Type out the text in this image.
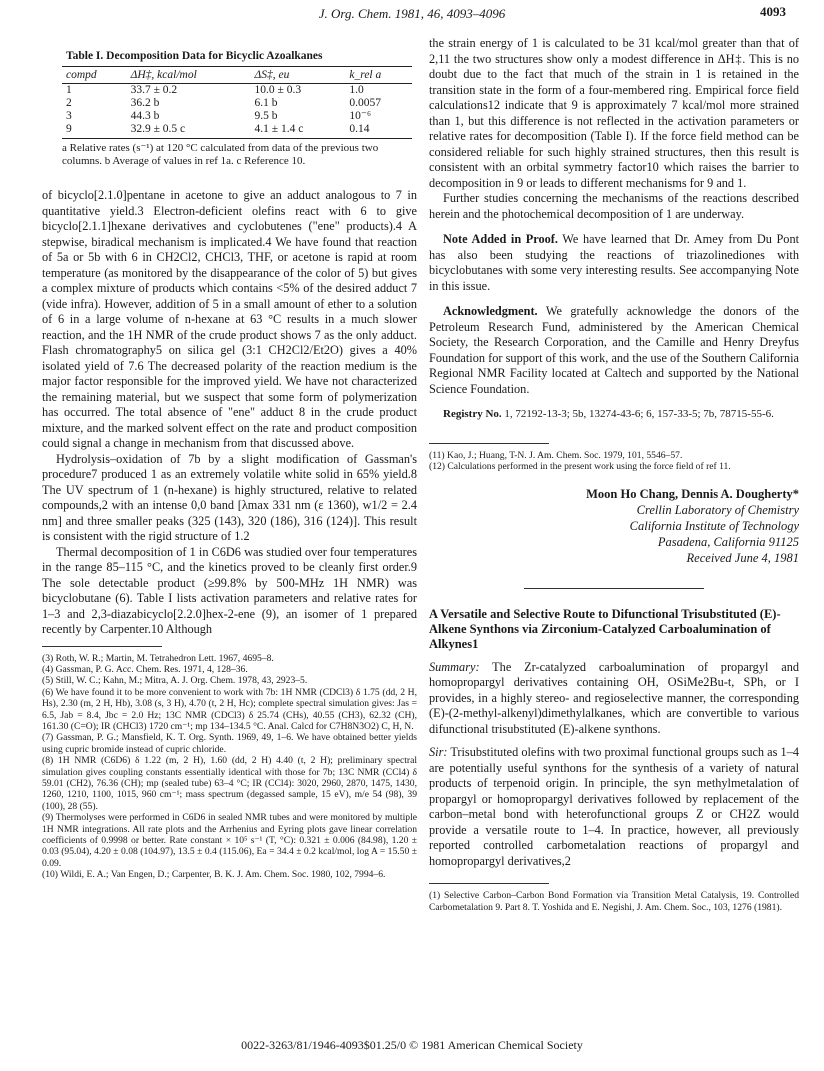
J. Org. Chem. 1981, 46, 4093–4096	4093
Table I. Decomposition Data for Bicyclic Azoalkanes
compd	ΔH‡, kcal/mol	ΔS‡, eu	k_rel a
1	33.7 ± 0.2	10.0 ± 0.3	1.0
2	36.2 b	6.1 b	0.0057
3	44.3 b	9.5 b	10⁻⁶
9	32.9 ± 0.5 c	4.1 ± 1.4 c	0.14
a Relative rates (s⁻¹) at 120 °C calculated from data of the previous two columns. b Average of values in ref 1a. c Reference 10.

of bicyclo[2.1.0]pentane in acetone to give an adduct analogous to 7 in quantitative yield.3 Electron-deficient olefins react with 6 to give bicyclo[2.1.1]hexane derivatives and cyclobutenes ("ene" products).4 A stepwise, biradical mechanism is implicated.4 We have found that reaction of 5a or 5b with 6 in CH2Cl2, CHCl3, THF, or acetone is rapid at room temperature (as monitored by the disappearance of the color of 5) but gives a complex mixture of products which contains <5% of the desired adduct 7 (vide infra). However, addition of 5 in a small amount of ether to a solution of 6 in a large volume of n-hexane at 63 °C results in a much slower reaction, and the 1H NMR of the crude product shows 7 as the only adduct. Flash chromatography5 on silica gel (3:1 CH2Cl2/Et2O) gives a 40% isolated yield of 7.6 The decreased polarity of the reaction medium is the major factor responsible for the improved yield. We have not characterized the remaining material, but we suspect that some form of polymerization has occurred. The total absence of "ene" adduct 8 in the crude product mixture, and the marked solvent effect on the rate and product composition could signal a change in mechanism from that discussed above.

Hydrolysis–oxidation of 7b by a slight modification of Gassman's procedure7 produced 1 as an extremely volatile white solid in 65% yield.8 The UV spectrum of 1 (n-hexane) is highly structured, relative to related compounds,2 with an intense 0,0 band [λmax 331 nm (ε 1360), w1/2 = 2.4 nm] and three smaller peaks (325 (143), 320 (186), 316 (124)]. This result is consistent with the rigid structure of 1.2

Thermal decomposition of 1 in C6D6 was studied over four temperatures in the range 85–115 °C, and the kinetics proved to be cleanly first order.9 The sole detectable product (≥99.8% by 500-MHz 1H NMR) was bicyclobutane (6). Table I lists activation parameters and relative rates for 1–3 and 2,3-diazabicyclo[2.2.0]hex-2-ene (9), an isomer of 1 prepared recently by Carpenter.10 Although

(3) Roth, W. R.; Martin, M. Tetrahedron Lett. 1967, 4695–8.

(4) Gassman, P. G. Acc. Chem. Res. 1971, 4, 128–36.

(5) Still, W. C.; Kahn, M.; Mitra, A. J. Org. Chem. 1978, 43, 2923–5.

(6) We have found it to be more convenient to work with 7b: 1H NMR (CDCl3) δ 1.75 (dd, 2 H, Hs), 2.30 (m, 2 H, Hb), 3.08 (s, 3 H), 4.70 (t, 2 H, Hc); complete spectral simulation gives: Jas = 6.5, Jab = 8.4, Jbc = 2.0 Hz; 13C NMR (CDCl3) δ 25.74 (CHs), 40.55 (CH3), 62.32 (CH), 161.30 (C=O); IR (CHCl3) 1720 cm⁻¹; mp 134–134.5 °C. Anal. Calcd for C7H8N3O2) C, H, N.

(7) Gassman, P. G.; Mansfield, K. T. Org. Synth. 1969, 49, 1–6. We have obtained better yields using cupric bromide instead of cupric chloride.

(8) 1H NMR (C6D6) δ 1.22 (m, 2 H), 1.60 (dd, 2 H) 4.40 (t, 2 H); preliminary spectral simulation gives coupling constants essentially identical with those for 7b; 13C NMR (CCl4) δ 59.01 (CH2), 76.36 (CH); mp (sealed tube) 63–4 °C; IR (CCl4): 3020, 2960, 2870, 1475, 1430, 1260, 1210, 1100, 1015, 960 cm⁻¹; mass spectrum (degassed sample, 15 eV), m/e 54 (98), 39 (100), 28 (55).

(9) Thermolyses were performed in C6D6 in sealed NMR tubes and were monitored by multiple 1H NMR integrations. All rate plots and the Arrhenius and Eyring plots gave linear correlation coefficients of 0.9998 or better. Rate constant × 10⁵ s⁻¹ (T, °C): 0.321 ± 0.006 (84.98), 1.20 ± 0.03 (95.04), 4.20 ± 0.08 (104.97), 13.5 ± 0.4 (115.06), Ea = 34.4 ± 0.2 kcal/mol, log A = 15.50 ± 0.09.

(10) Wildi, E. A.; Van Engen, D.; Carpenter, B. K. J. Am. Chem. Soc. 1980, 102, 7994–6.

the strain energy of 1 is calculated to be 31 kcal/mol greater than that of 2,11 the two structures show only a modest difference in ΔH‡. This is no doubt due to the fact that much of the strain in 1 is retained in the transition state in the form of a four-membered ring. Empirical force field calculations12 indicate that 9 is approximately 7 kcal/mol more strained than 1, but this difference is not reflected in the activation parameters or relative rates for decomposition (Table I). If the force field method can be considered reliable for such highly strained structures, then this result is consistent with an orbital symmetry factor10 which raises the barrier to decomposition in 9 or leads to different mechanisms for 9 and 1.

Further studies concerning the mechanisms of the reactions described herein and the photochemical decomposition of 1 are underway.

Note Added in Proof. We have learned that Dr. Amey from Du Pont has also been studying the reactions of triazolinediones with bicyclobutanes with some very interesting results. See accompanying Note in this issue.

Acknowledgment. We gratefully acknowledge the donors of the Petroleum Research Fund, administered by the American Chemical Society, the Research Corporation, and the Camille and Henry Dreyfus Foundation for support of this work, and the use of the Southern California Regional NMR Facility located at Caltech and supported by the National Science Foundation.

Registry No. 1, 72192-13-3; 5b, 13274-43-6; 6, 157-33-5; 7b, 78715-55-6.

(11) Kao, J.; Huang, T-N. J. Am. Chem. Soc. 1979, 101, 5546–57.

(12) Calculations performed in the present work using the force field of ref 11.

Moon Ho Chang, Dennis A. Dougherty*
Crellin Laboratory of Chemistry
California Institute of Technology
Pasadena, California 91125
Received June 4, 1981
A Versatile and Selective Route to Difunctional Trisubstituted (E)-Alkene Synthons via Zirconium-Catalyzed Carboalumination of Alkynes1

Summary: The Zr-catalyzed carboalumination of propargyl and homopropargyl derivatives containing OH, OSiMe2Bu-t, SPh, or I provides, in a highly stereo- and regioselective manner, the corresponding (E)-(2-methyl-alkenyl)dimethylalkanes, which are convertible to various difunctional trisubstituted (E)-alkene synthons.

Sir: Trisubstituted olefins with two proximal functional groups such as 1–4 are potentially useful synthons for the synthesis of a variety of natural products of terpenoid origin. In principle, the syn methylmetalation of propargyl or homopropargyl derivatives followed by replacement of the carbon–metal bond with heterofunctional groups Z or CH2Z would provide a versatile route to 1–4. In practice, however, all previously reported controlled carbometalation reactions of propargyl and homopropargyl derivatives,2

(1) Selective Carbon–Carbon Bond Formation via Transition Metal Catalysis, 19. Controlled Carbometalation 9. Part 8. T. Yoshida and E. Negishi, J. Am. Chem. Soc., 103, 1276 (1981).

0022-3263/81/1946-4093$01.25/0 © 1981 American Chemical Society
